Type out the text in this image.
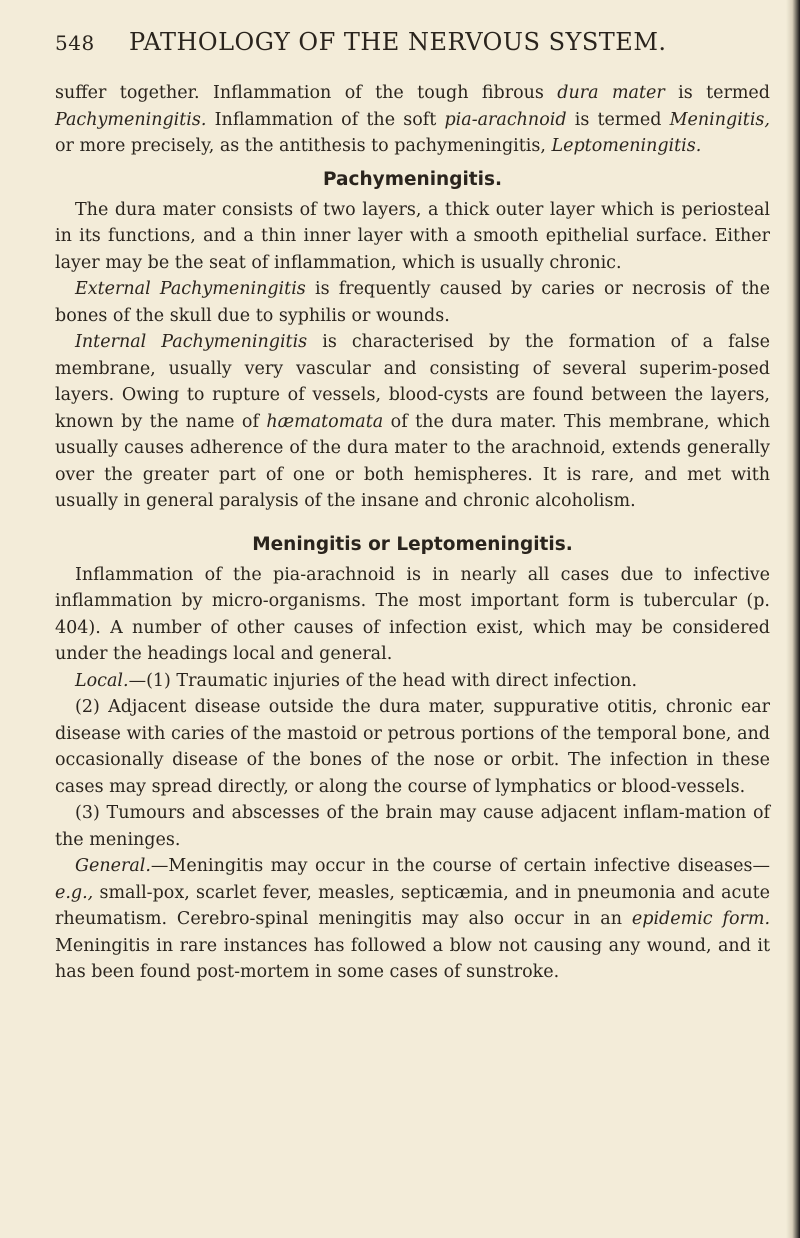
548	PATHOLOGY OF THE NERVOUS SYSTEM.

suffer together. Inflammation of the tough fibrous dura mater is termed Pachymeningitis. Inflammation of the soft pia-arachnoid is termed Meningitis, or more precisely, as the antithesis to pachymeningitis, Leptomeningitis.

Pachymeningitis.

The dura mater consists of two layers, a thick outer layer which is periosteal in its functions, and a thin inner layer with a smooth epithelial surface. Either layer may be the seat of inflammation, which is usually chronic.

External Pachymeningitis is frequently caused by caries or necrosis of the bones of the skull due to syphilis or wounds.

Internal Pachymeningitis is characterised by the formation of a false membrane, usually very vascular and consisting of several superim-posed layers. Owing to rupture of vessels, blood-cysts are found between the layers, known by the name of hæmatomata of the dura mater. This membrane, which usually causes adherence of the dura mater to the arachnoid, extends generally over the greater part of one or both hemispheres. It is rare, and met with usually in general paralysis of the insane and chronic alcoholism.

Meningitis or Leptomeningitis.

Inflammation of the pia-arachnoid is in nearly all cases due to infective inflammation by micro-organisms. The most important form is tubercular (p. 404). A number of other causes of infection exist, which may be considered under the headings local and general.

Local.—(1) Traumatic injuries of the head with direct infection.

(2) Adjacent disease outside the dura mater, suppurative otitis, chronic ear disease with caries of the mastoid or petrous portions of the temporal bone, and occasionally disease of the bones of the nose or orbit. The infection in these cases may spread directly, or along the course of lymphatics or blood-vessels.

(3) Tumours and abscesses of the brain may cause adjacent inflam-mation of the meninges.

General.—Meningitis may occur in the course of certain infective diseases—e.g., small-pox, scarlet fever, measles, septicæmia, and in pneumonia and acute rheumatism. Cerebro-spinal meningitis may also occur in an epidemic form. Meningitis in rare instances has followed a blow not causing any wound, and it has been found post-mortem in some cases of sunstroke.
